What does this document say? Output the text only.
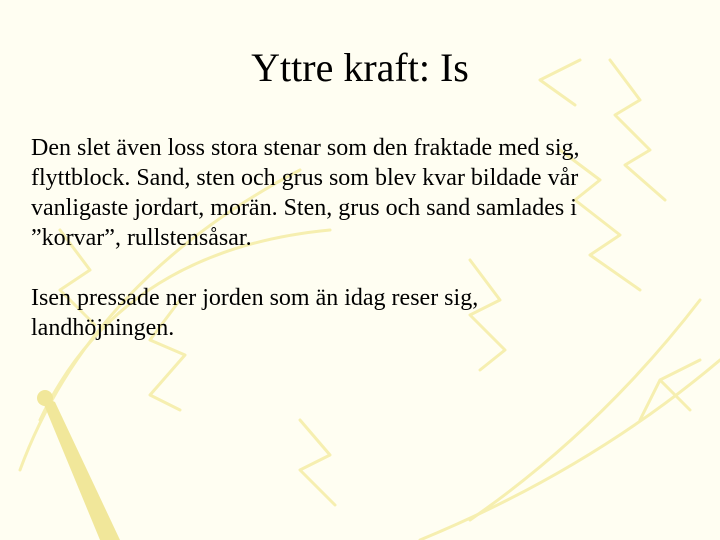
Yttre kraft: Is

Den slet även loss stora stenar som den fraktade med sig,
flyttblock. Sand, sten och grus som blev kvar bildade vår
vanligaste jordart, morän. Sten, grus och sand samlades i
”korvar”, rullstensåsar.

Isen pressade ner jorden som än idag reser sig,
landhöjningen.
